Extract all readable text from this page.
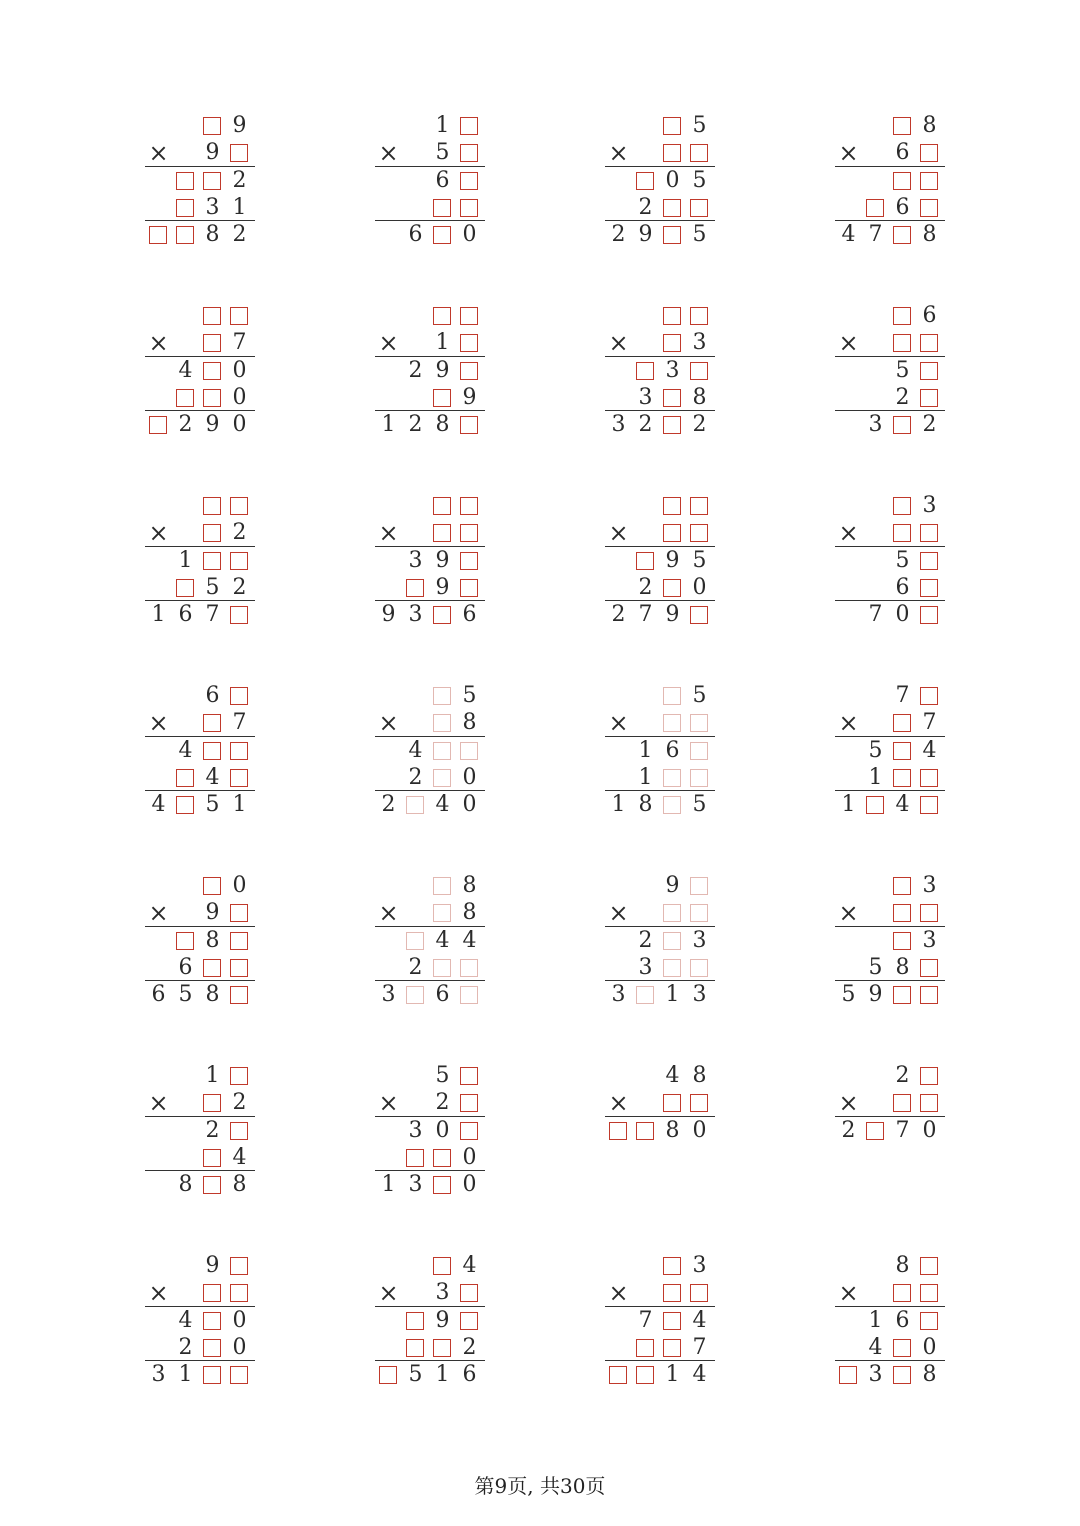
9
9
×
2
3 1
8 2
1
5
×
6
6 0
5
×
0 5
2
2 9 5
8
6
×
6
4 7 8
7
×
4 0
0
2 9 0
1
×
2 9
9
1 2 8
3
×
3
3 8
3 2 2
6
×
5
2
3 2
2
×
1
5 2
1 6 7
×
3 9
9
9 3 6
×
9 5
2 0
2 7 9
3
×
5
6
7 0
6
7
×
4
4
4 5 1
5
8
×
4
2 0
2 4 0
5
×
1 6
1
1 8 5
7
7
×
5 4
1
1 4
0
9
×
8
6
6 5 8
8
8
×
4 4
2
3 6
9
×
2 3
3
3 1 3
3
×
3
5 8
5 9
1
2
×
2
4
8 8
5
2
×
3 0
0
1 3 0
4 8
×
8 0
2
×
2 7 0
9
×
4 0
2 0
3 1
4
3
×
9
2
5 1 6
3
×
7 4
7
1 4
8
×
1 6
4 0
3 8
第9页, 共30页
